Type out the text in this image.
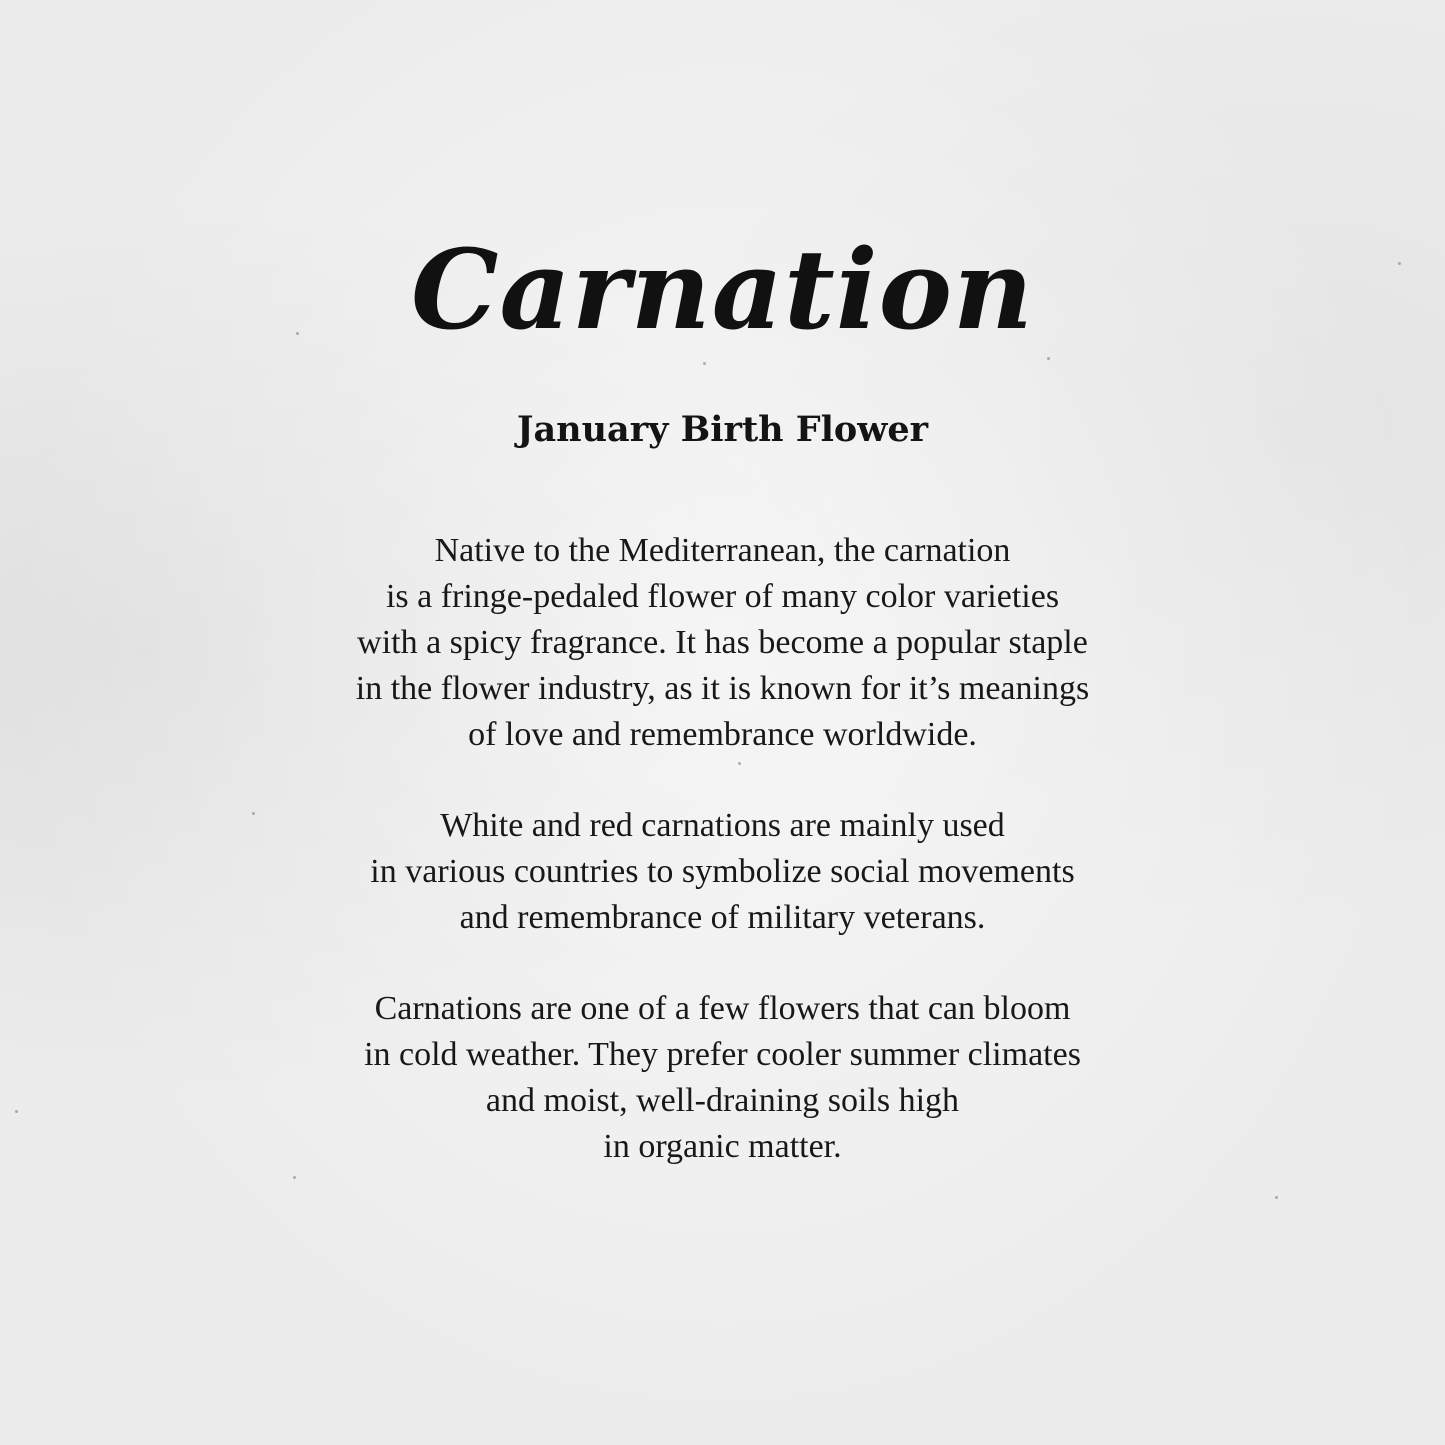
Carnation
January Birth Flower

Native to the Mediterranean, the carnation
is a fringe-pedaled flower of many color varieties
with a spicy fragrance. It has become a popular staple
in the flower industry, as it is known for it’s meanings
of love and remembrance worldwide.

White and red carnations are mainly used
in various countries to symbolize social movements
and remembrance of military veterans.

Carnations are one of a few flowers that can bloom
in cold weather. They prefer cooler summer climates
and moist, well-draining soils high
in organic matter.
